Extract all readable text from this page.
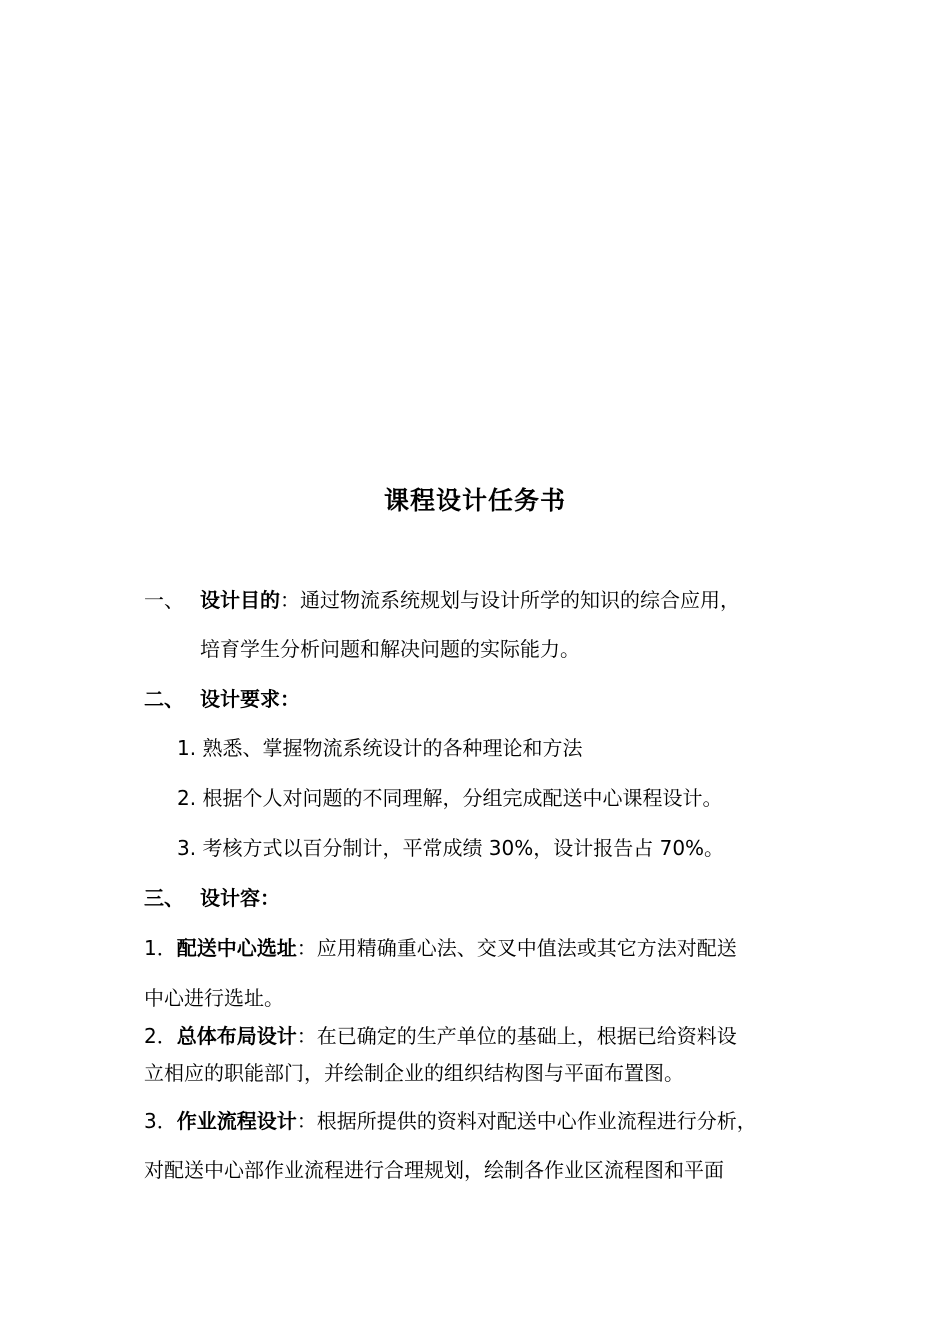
课程设计任务书
一、 设计目的：通过物流系统规划与设计所学的知识的综合应用，
培育学生分析问题和解决问题的实际能力。
二、 设计要求：
1. 熟悉、掌握物流系统设计的各种理论和方法
2. 根据个人对问题的不同理解，分组完成配送中心课程设计。
3. 考核方式以百分制计，平常成绩 30%，设计报告占 70%。
三、 设计容：
1．配送中心选址：应用精确重心法、交叉中值法或其它方法对配送
中心进行选址。
2．总体布局设计：在已确定的生产单位的基础上，根据已给资料设
立相应的职能部门，并绘制企业的组织结构图与平面布置图。
3．作业流程设计：根据所提供的资料对配送中心作业流程进行分析，
对配送中心部作业流程进行合理规划，绘制各作业区流程图和平面
